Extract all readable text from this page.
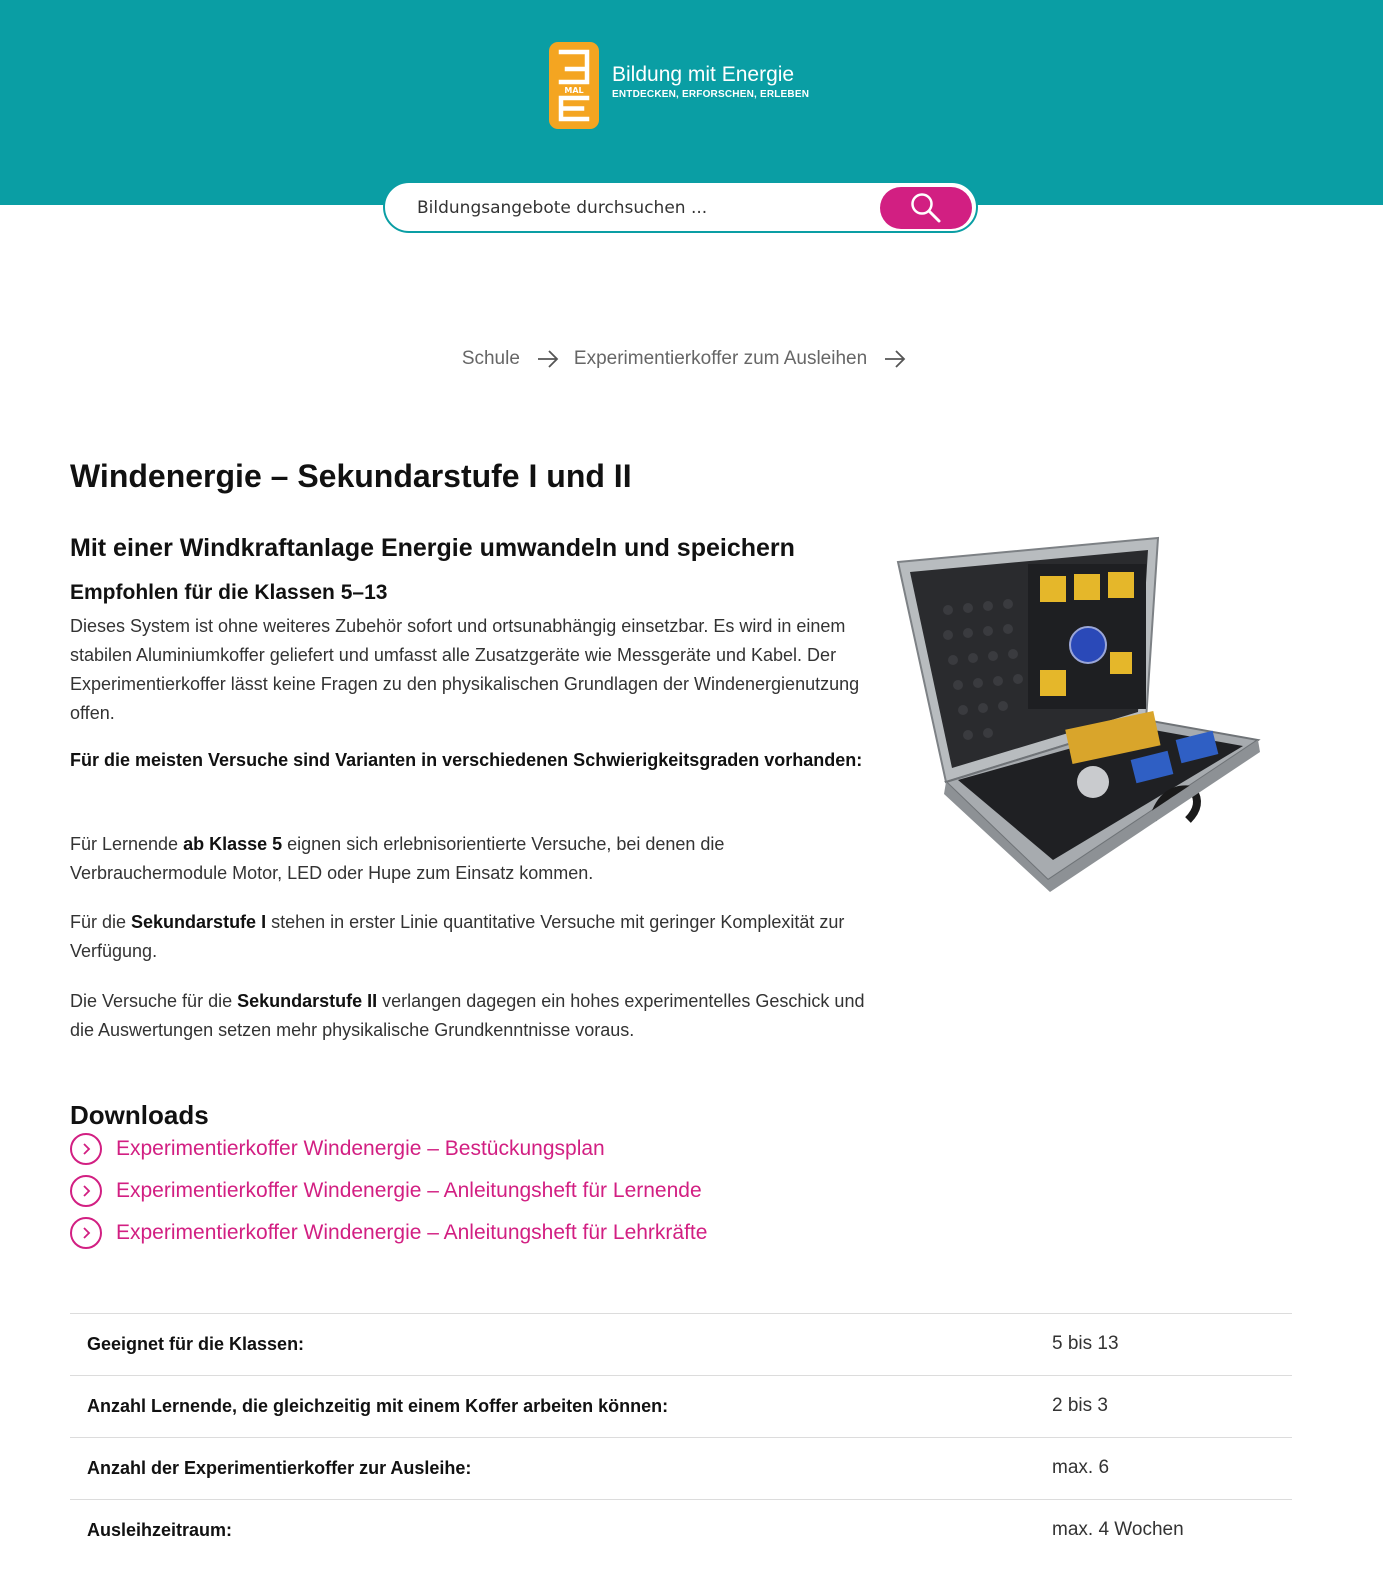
MAL
Bildung mit Energie
ENTDECKEN, ERFORSCHEN, ERLEBEN
Bildungsangebote durchsuchen ...
Schule	Experimentierkoffer zum Ausleihen
Windenergie – Sekundarstufe I und II
Mit einer Windkraftanlage Energie umwandeln und speichern
Empfohlen für die Klassen 5–13

Dieses System ist ohne weiteres Zubehör sofort und ortsunabhängig einsetzbar. Es wird in einem stabilen Aluminiumkoffer geliefert und umfasst alle Zusatzgeräte wie Messgeräte und Kabel. Der Experimentierkoffer lässt keine Fragen zu den physikalischen Grundlagen der Windenergienutzung offen.

Für die meisten Versuche sind Varianten in verschiedenen Schwierigkeitsgraden vorhanden:

Für Lernende ab Klasse 5 eignen sich erlebnisorientierte Versuche, bei denen die Verbrauchermodule Motor, LED oder Hupe zum Einsatz kommen.

Für die Sekundarstufe I stehen in erster Linie quantitative Versuche mit geringer Komplexität zur Verfügung.

Die Versuche für die Sekundarstufe II verlangen dagegen ein hohes experimentelles Geschick und die Auswertungen setzen mehr physikalische Grundkenntnisse voraus.

Downloads
Experimentierkoffer Windenergie – Bestückungsplan
Experimentierkoffer Windenergie – Anleitungsheft für Lernende
Experimentierkoffer Windenergie – Anleitungsheft für Lehrkräfte
Geeignet für die Klassen:	5 bis 13
Anzahl Lernende, die gleichzeitig mit einem Koffer arbeiten können:	2 bis 3
Anzahl der Experimentierkoffer zur Ausleihe:	max. 6
Ausleihzeitraum:	max. 4 Wochen
